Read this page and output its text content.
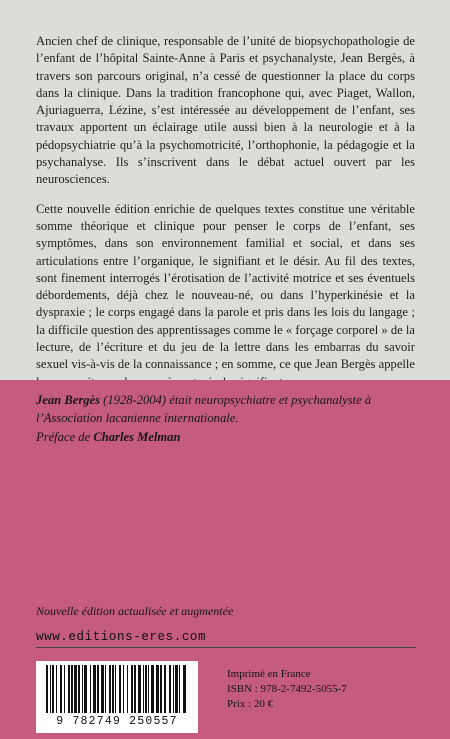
Ancien chef de clinique, responsable de l’unité de biopsychopathologie de l’enfant de l’hôpital Sainte-Anne à Paris et psychanalyste, Jean Bergès, à travers son parcours original, n’a cessé de questionner la place du corps dans la clinique. Dans la tradition francophone qui, avec Piaget, Wallon, Ajuriaguerra, Lézine, s’est intéressée au développement de l’enfant, ses travaux apportent un éclairage utile aussi bien à la neurologie et à la pédopsychiatrie qu’à la psychomotricité, l’orthophonie, la pédagogie et la psychanalyse. Ils s’inscrivent dans le débat actuel ouvert par les neurosciences.

Cette nouvelle édition enrichie de quelques textes constitue une véritable somme théorique et clinique pour penser le corps de l’enfant, ses symptômes, dans son environnement familial et social, et dans ses articulations entre l’organique, le signifiant et le désir. Au fil des textes, sont finement interrogés l’érotisation de l’activité motrice et ses éventuels débordements, déjà chez le nouveau-né, ou dans l’hyperkinésie et la dyspraxie ; le corps engagé dans la parole et pris dans les lois du langage ; la difficile question des apprentissages comme le « forçage corporel » de la lecture, de l’écriture et du jeu de la lettre dans les embarras du savoir sexuel vis-à-vis de la connaissance ; en somme, ce que Jean Bergès appelle

Jean Bergès (1928-2004) était neuropsychiatre et psychanalyste à l’Association lacanienne internationale.
Préface de Charles Melman
Nouvelle édition actualisée et augmentée
www.editions-eres.com
9 782749 250557
Imprimé en France
ISBN : 978-2-7492-5055-7
Prix : 20 €
